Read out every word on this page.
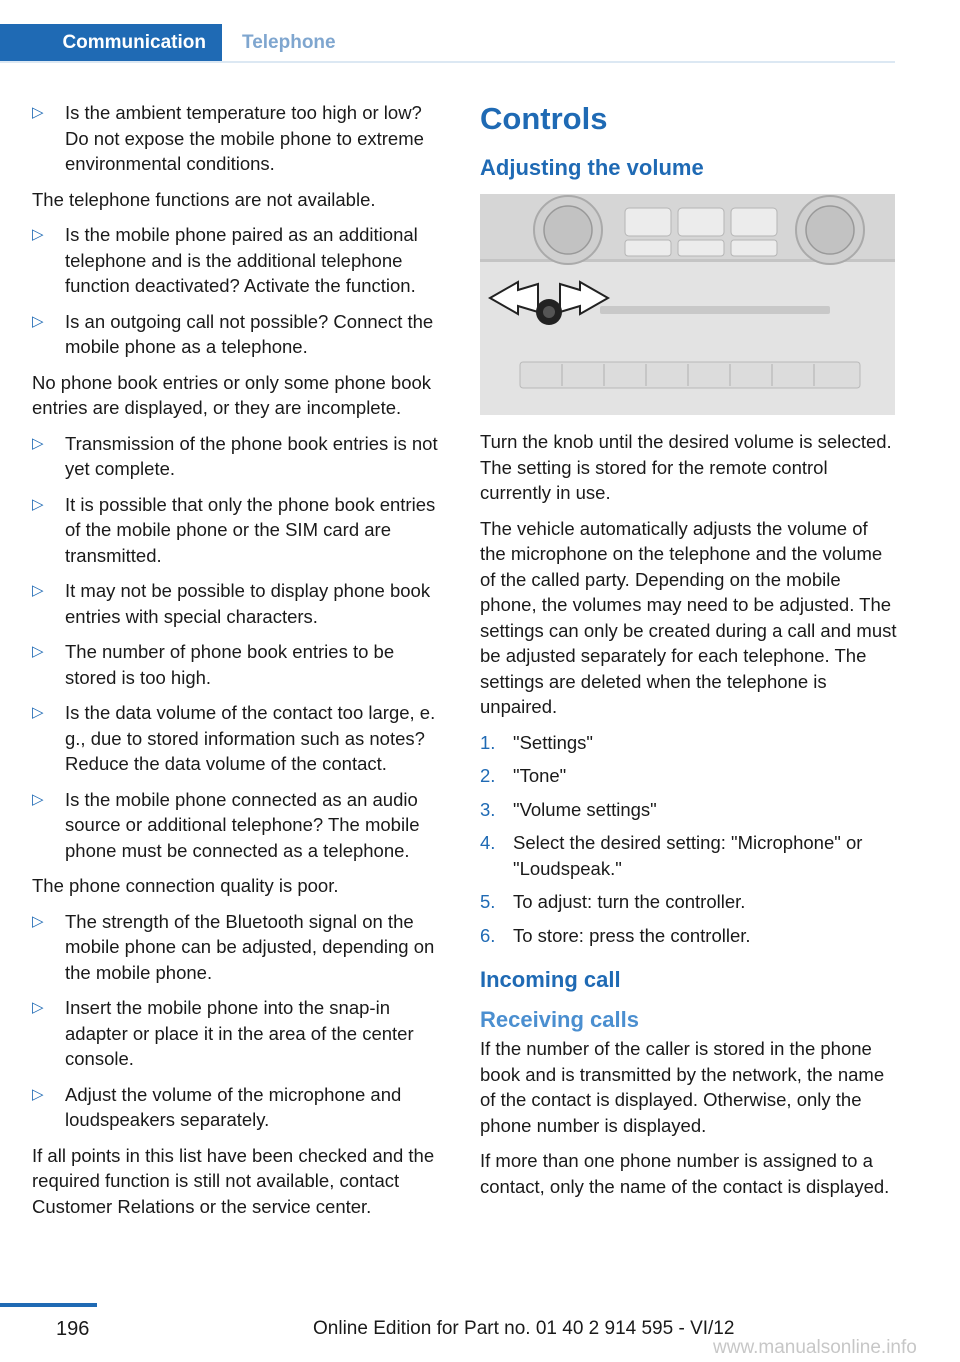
Communication	Telephone
▷	Is the ambient temperature too high or low? Do not expose the mobile phone to extreme environmental conditions.

The telephone functions are not available.

▷	Is the mobile phone paired as an additional telephone and is the additional telephone function deactivated? Activate the function.
▷	Is an outgoing call not possible? Connect the mobile phone as a telephone.

No phone book entries or only some phone book entries are displayed, or they are incomplete.

▷	Transmission of the phone book entries is not yet complete.
▷	It is possible that only the phone book entries of the mobile phone or the SIM card are transmitted.
▷	It may not be possible to display phone book entries with special characters.
▷	The number of phone book entries to be stored is too high.
▷	Is the data volume of the contact too large, e. g., due to stored information such as notes? Reduce the data volume of the contact.
▷	Is the mobile phone connected as an audio source or additional telephone? The mobile phone must be connected as a telephone.

The phone connection quality is poor.

▷	The strength of the Bluetooth signal on the mobile phone can be adjusted, depending on the mobile phone.
▷	Insert the mobile phone into the snap-in adapter or place it in the area of the center console.
▷	Adjust the volume of the microphone and loudspeakers separately.

If all points in this list have been checked and the required function is still not available, contact Customer Relations or the service center.

Controls
Adjusting the volume

Turn the knob until the desired volume is selected. The setting is stored for the remote control currently in use.

The vehicle automatically adjusts the volume of the microphone on the telephone and the volume of the called party. Depending on the mobile phone, the volumes may need to be adjusted. The settings can only be created during a call and must be adjusted separately for each telephone. The settings are deleted when the telephone is unpaired.

1. "Settings"
2. "Tone"
3. "Volume settings"
4. Select the desired setting: "Microphone" or "Loudspeak."
5. To adjust: turn the controller.
6. To store: press the controller.
Incoming call
Receiving calls

If the number of the caller is stored in the phone book and is transmitted by the network, the name of the contact is displayed. Otherwise, only the phone number is displayed.

If more than one phone number is assigned to a contact, only the name of the contact is displayed.

196	Online Edition for Part no. 01 40 2 914 595 - VI/12
www.manualsonline.info
